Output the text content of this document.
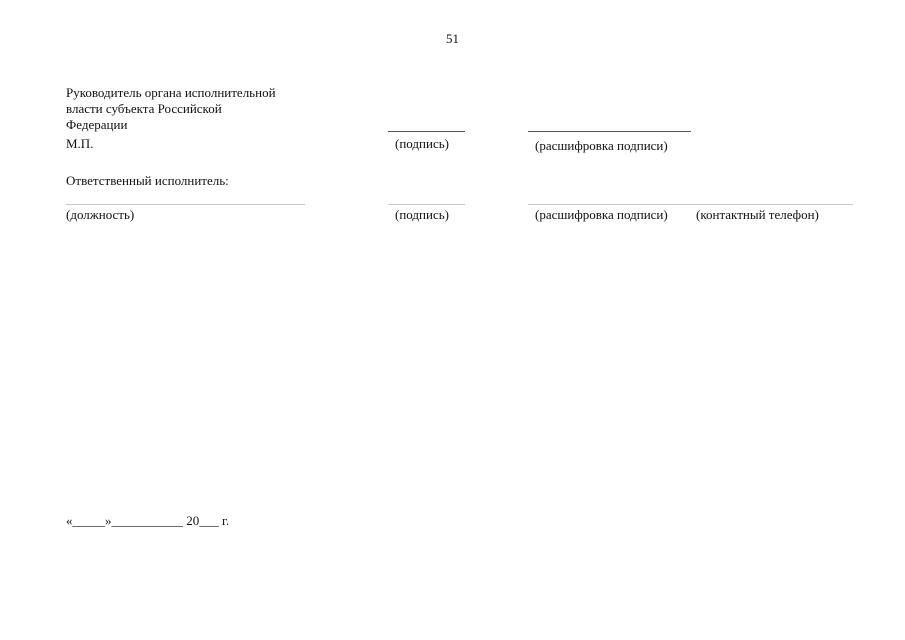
51
Руководитель органа исполнительной
власти субъекта Российской
Федерации
М.П.	(подпись)	(расшифровка подписи)
Ответственный исполнитель:
(должность)	(подпись)	(расшифровка подписи) (контактный телефон)
«_____»___________ 20___ г.
